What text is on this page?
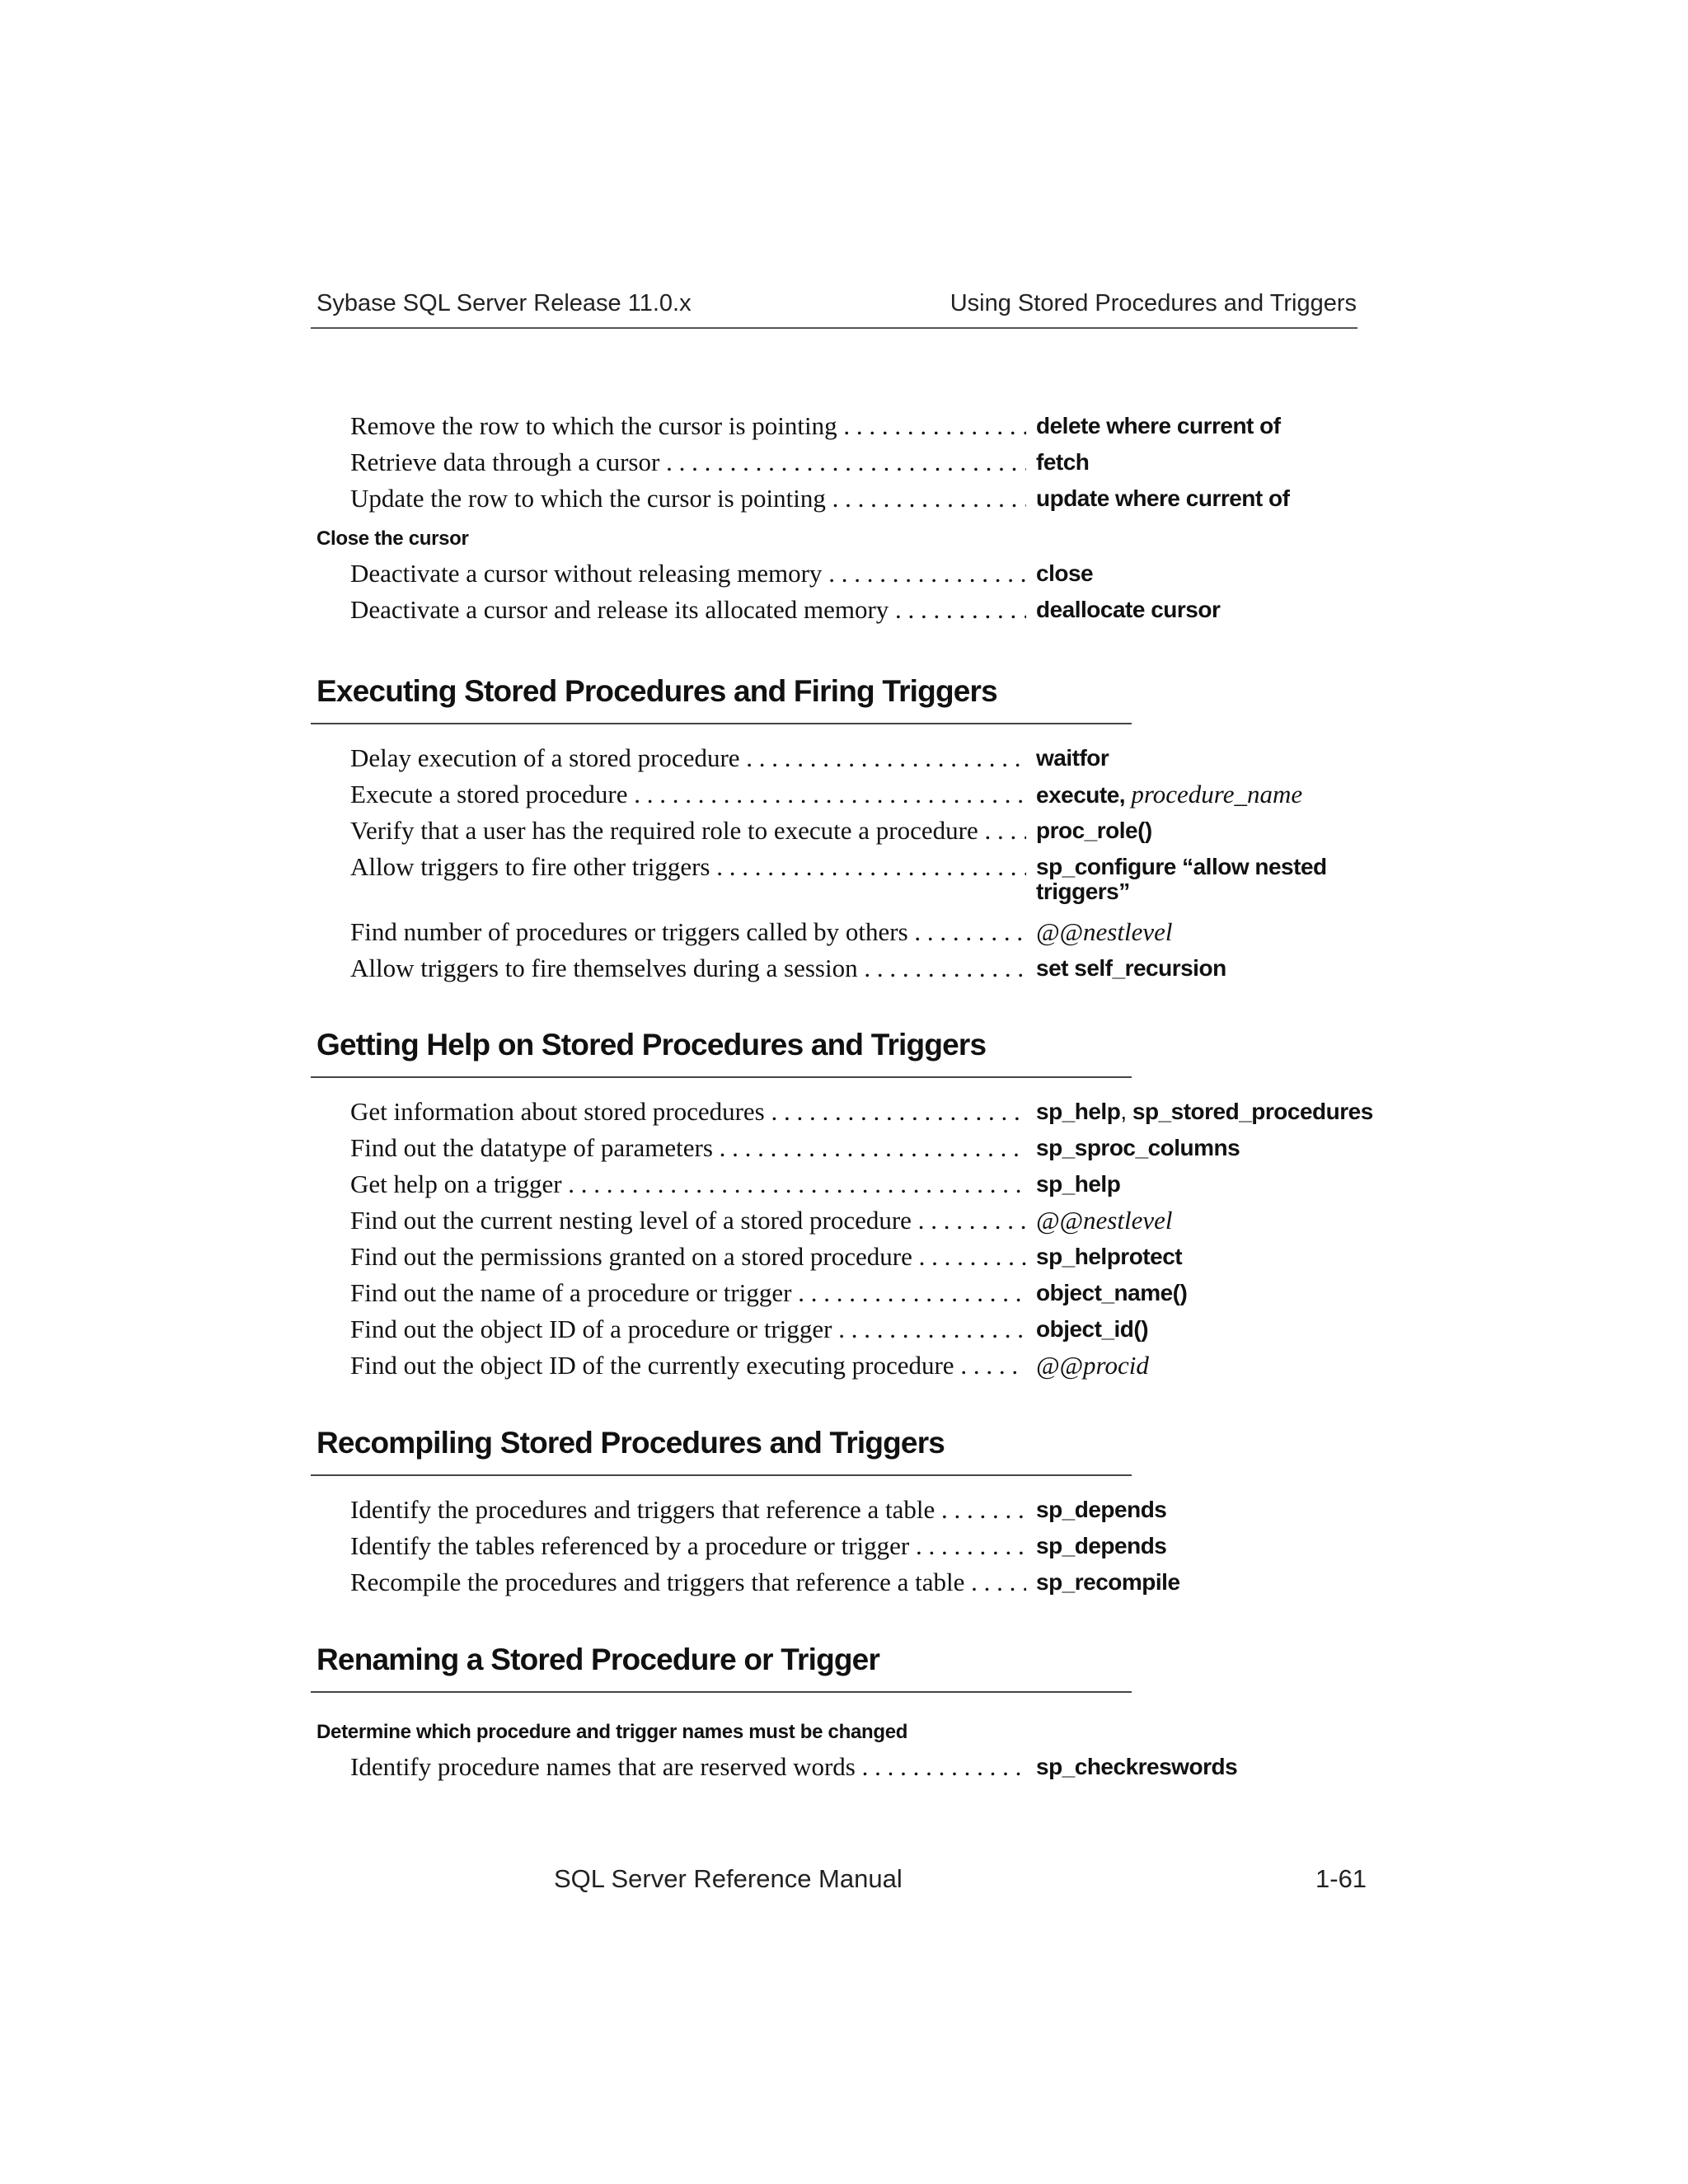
Sybase SQL Server Release 11.0.x	Using Stored Procedures and Triggers
Remove the row to which the cursor is pointing . . .	delete where current of
Retrieve data through a cursor . . .	fetch
Update the row to which the cursor is pointing . . .	update where current of
Close the cursor
Deactivate a cursor without releasing memory . . .	close
Deactivate a cursor and release its allocated memory . . .	deallocate cursor
Executing Stored Procedures and Firing Triggers
Delay execution of a stored procedure . . .	waitfor
Execute a stored procedure . . .	execute, procedure_name
Verify that a user has the required role to execute a procedure . . .	proc_role()
Allow triggers to fire other triggers . . .	sp_configure “allow nested
triggers”
Find number of procedures or triggers called by others . . .	@@nestlevel
Allow triggers to fire themselves during a session . . .	set self_recursion
Getting Help on Stored Procedures and Triggers
Get information about stored procedures . . .	sp_help, sp_stored_procedures
Find out the datatype of parameters . . .	sp_sproc_columns
Get help on a trigger . . .	sp_help
Find out the current nesting level of a stored procedure . . .	@@nestlevel
Find out the permissions granted on a stored procedure . . .	sp_helprotect
Find out the name of a procedure or trigger . . .	object_name()
Find out the object ID of a procedure or trigger . . .	object_id()
Find out the object ID of the currently executing procedure . . .	@@procid
Recompiling Stored Procedures and Triggers
Identify the procedures and triggers that reference a table . . .	sp_depends
Identify the tables referenced by a procedure or trigger . . .	sp_depends
Recompile the procedures and triggers that reference a table . . .	sp_recompile
Renaming a Stored Procedure or Trigger
Determine which procedure and trigger names must be changed
Identify procedure names that are reserved words . . .	sp_checkreswords
SQL Server Reference Manual	1-61
